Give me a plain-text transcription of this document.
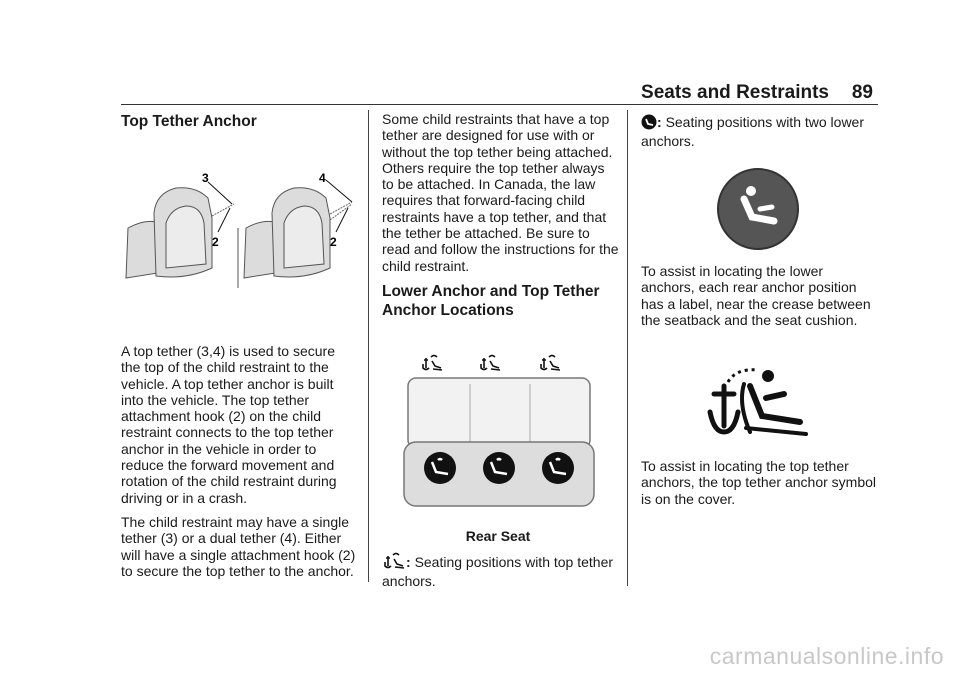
Seats and Restraints 89
Top Tether Anchor
3
2
4
2

A top tether (3,4) is used to secure the top of the child restraint to the vehicle. A top tether anchor is built into the vehicle. The top tether attachment hook (2) on the child restraint connects to the top tether anchor in the vehicle in order to reduce the forward movement and rotation of the child restraint during driving or in a crash.

The child restraint may have a single tether (3) or a dual tether (4). Either will have a single attachment hook (2) to secure the top tether to the anchor.

Some child restraints that have a top tether are designed for use with or without the top tether being attached. Others require the top tether always to be attached. In Canada, the law requires that forward-facing child restraints have a top tether, and that the tether be attached. Be sure to read and follow the instructions for the child restraint.

Lower Anchor and Top Tether Anchor Locations
Rear Seat
: Seating positions with top tether anchors.
: Seating positions with two lower anchors.

To assist in locating the lower anchors, each rear anchor position has a label, near the crease between the seatback and the seat cushion.

To assist in locating the top tether anchors, the top tether anchor symbol is on the cover.

carmanualsonline.info
